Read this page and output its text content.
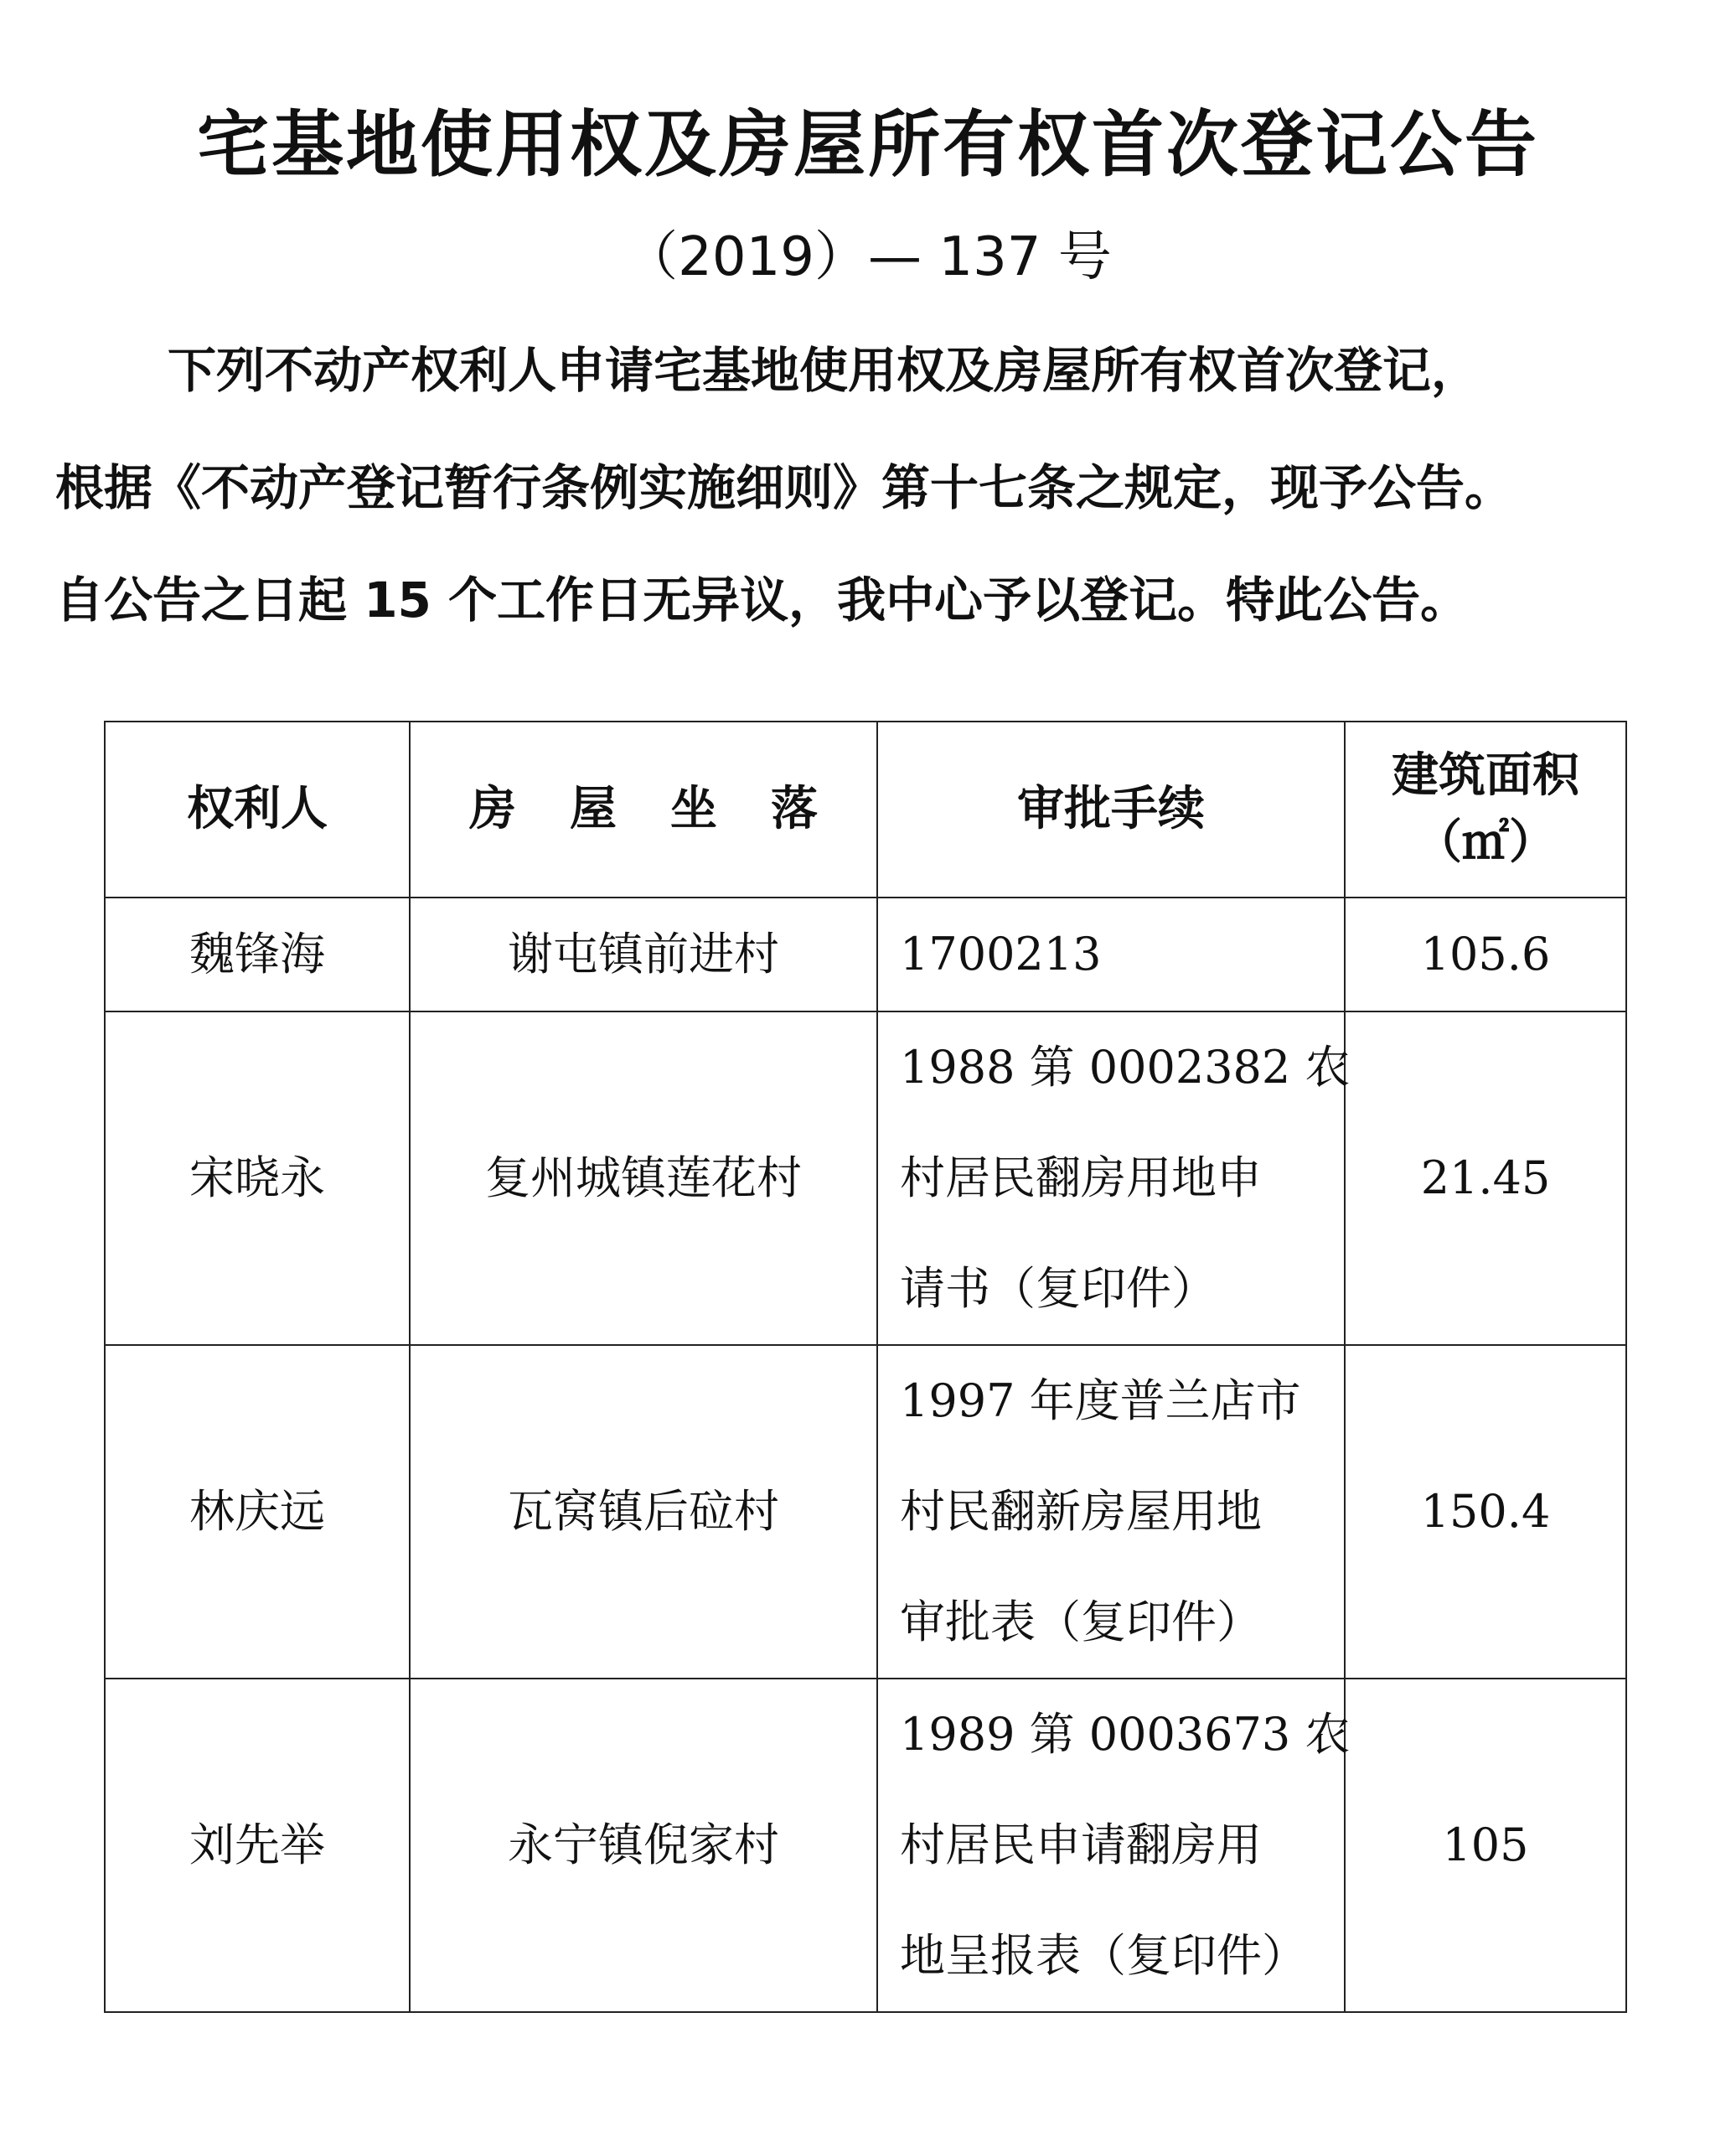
宅基地使用权及房屋所有权首次登记公告
（2019）— 137 号
下列不动产权利人申请宅基地使用权及房屋所有权首次登记，
根据《不动产登记暂行条例实施细则》第十七条之规定，现予公告。
自公告之日起 15 个工作日无异议，我中心予以登记。特此公告。
权利人	房屋坐落	审批手续	建筑面积
（㎡）

魏锋海	谢屯镇前进村	1700213	105.6
宋晓永	复州城镇莲花村	1988 第 0002382 农
村居民翻房用地申
请书（复印件）	21.45
林庆远	瓦窝镇后砬村	1997 年度普兰店市
村民翻新房屋用地
审批表（复印件）	150.4
刘先举	永宁镇倪家村	1989 第 0003673 农
村居民申请翻房用
地呈报表（复印件）	105
